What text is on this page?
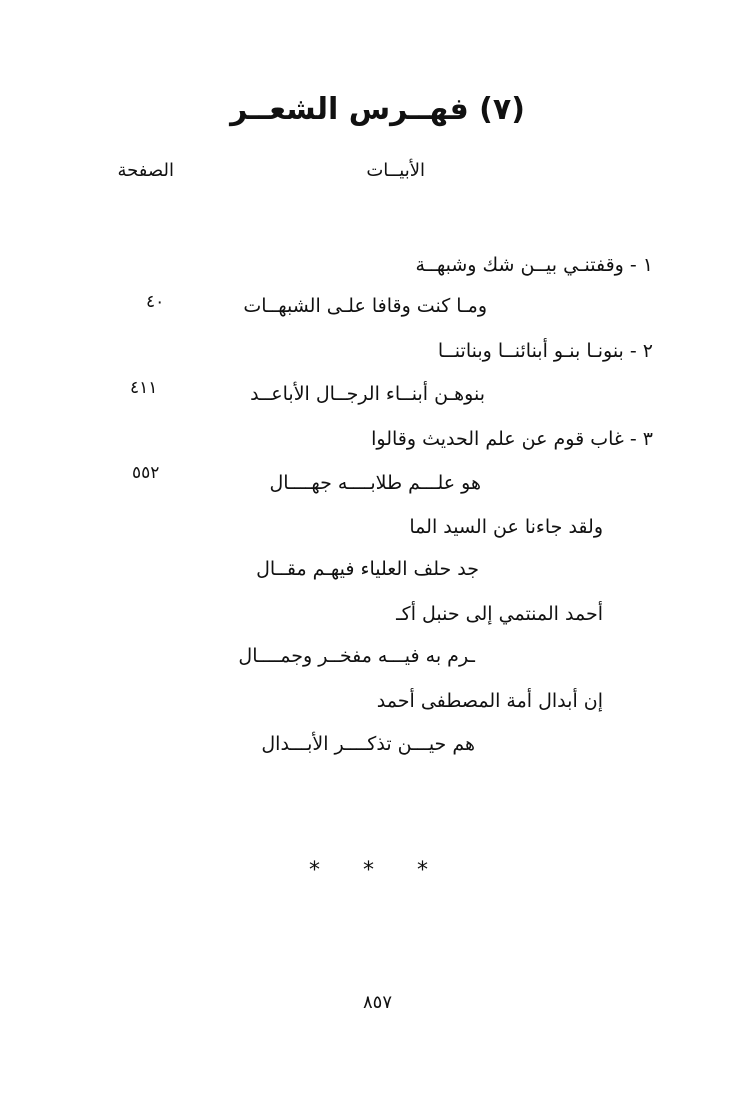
(٧) فهــرس الشعــر
الأبيــات
الصفحة
١ - وقفتنـي بيــن شك وشبهــة
ومـا كنت وقافا علـى الشبهــات
٤٠
٢ - بنونـا بنـو أبنائنــا وبناتنــا
بنوهـن أبنــاء الرجــال الأباعــد
٤١١
٣ - غاب قوم عن علم الحديث وقالوا
هو علـــم طلابــــه جهــــال
٥٥٢
ولقد جاءنا عن السيد الما
جد حلف العلياء فيهـم مقــال
أحمد المنتمي إلى حنبل أكـ
ـرم به فيـــه مفخــر وجمــــال
إن أبدال أمة المصطفى أحمد
هم حيـــن تذكــــر الأبـــدال
* * *
٨٥٧
